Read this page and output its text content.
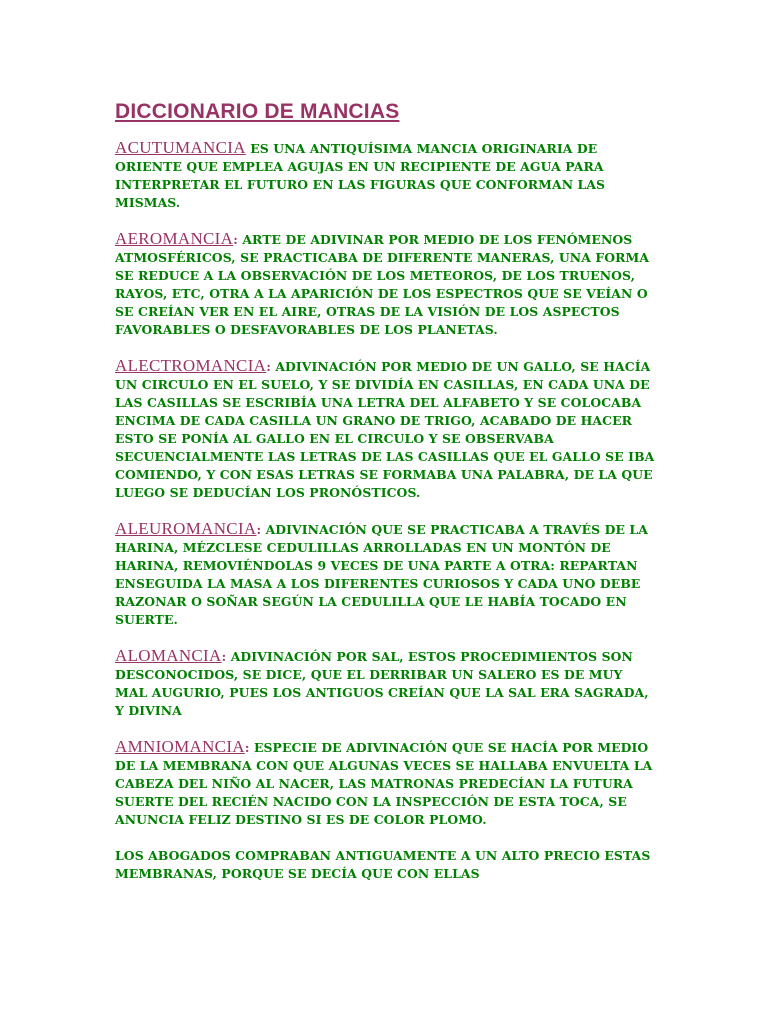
DICCIONARIO DE MANCIAS
ACUTUMANCIA ES UNA ANTIQUÍSIMA MANCIA ORIGINARIA DE ORIENTE QUE EMPLEA AGUJAS EN UN RECIPIENTE DE AGUA PARA INTERPRETAR EL FUTURO EN LAS FIGURAS QUE CONFORMAN LAS MISMAS.
AEROMANCIA: ARTE DE ADIVINAR POR MEDIO DE LOS FENÓMENOS ATMOSFÉRICOS, SE PRACTICABA DE DIFERENTE MANERAS, UNA FORMA SE REDUCE A LA OBSERVACIÓN DE LOS METEOROS, DE LOS TRUENOS, RAYOS, ETC, OTRA A LA APARICIÓN DE LOS ESPECTROS QUE SE VEÍAN O SE CREÍAN VER EN EL AIRE, OTRAS DE LA VISIÓN DE LOS ASPECTOS FAVORABLES O DESFAVORABLES DE LOS PLANETAS.
ALECTROMANCIA: ADIVINACIÓN POR MEDIO DE UN GALLO, SE HACÍA UN CIRCULO EN EL SUELO, Y SE DIVIDÍA EN CASILLAS, EN CADA UNA DE LAS CASILLAS SE ESCRIBÍA UNA LETRA DEL ALFABETO Y SE COLOCABA ENCIMA DE CADA CASILLA UN GRANO DE TRIGO, ACABADO DE HACER ESTO SE PONÍA AL GALLO EN EL CIRCULO Y SE OBSERVABA SECUENCIALMENTE LAS LETRAS DE LAS CASILLAS QUE EL GALLO SE IBA COMIENDO, Y CON ESAS LETRAS SE FORMABA UNA PALABRA, DE LA QUE LUEGO SE DEDUCÍAN LOS PRONÓSTICOS.
ALEUROMANCIA: ADIVINACIÓN QUE SE PRACTICABA A TRAVÉS DE LA HARINA, MÉZCLESE CEDULILLAS ARROLLADAS EN UN MONTÓN DE HARINA, REMOVIÉNDOLAS 9 VECES DE UNA PARTE A OTRA: REPARTAN ENSEGUIDA LA MASA A LOS DIFERENTES CURIOSOS Y CADA UNO DEBE RAZONAR O SOÑAR SEGÚN LA CEDULILLA QUE LE HABÍA TOCADO EN SUERTE.
ALOMANCIA: ADIVINACIÓN POR SAL, ESTOS PROCEDIMIENTOS SON DESCONOCIDOS, SE DICE, QUE EL DERRIBAR UN SALERO ES DE MUY MAL AUGURIO, PUES LOS ANTIGUOS CREÍAN QUE LA SAL ERA SAGRADA, Y DIVINA
AMNIOMANCIA: ESPECIE DE ADIVINACIÓN QUE SE HACÍA POR MEDIO DE LA MEMBRANA CON QUE ALGUNAS VECES SE HALLABA ENVUELTA LA CABEZA DEL NIÑO AL NACER, LAS MATRONAS PREDECÍAN LA FUTURA SUERTE DEL RECIÉN NACIDO CON LA INSPECCIÓN DE ESTA TOCA, SE ANUNCIA FELIZ DESTINO SI ES DE COLOR PLOMO.
LOS ABOGADOS COMPRABAN ANTIGUAMENTE A UN ALTO PRECIO ESTAS MEMBRANAS, PORQUE SE DECÍA QUE CON ELLAS
